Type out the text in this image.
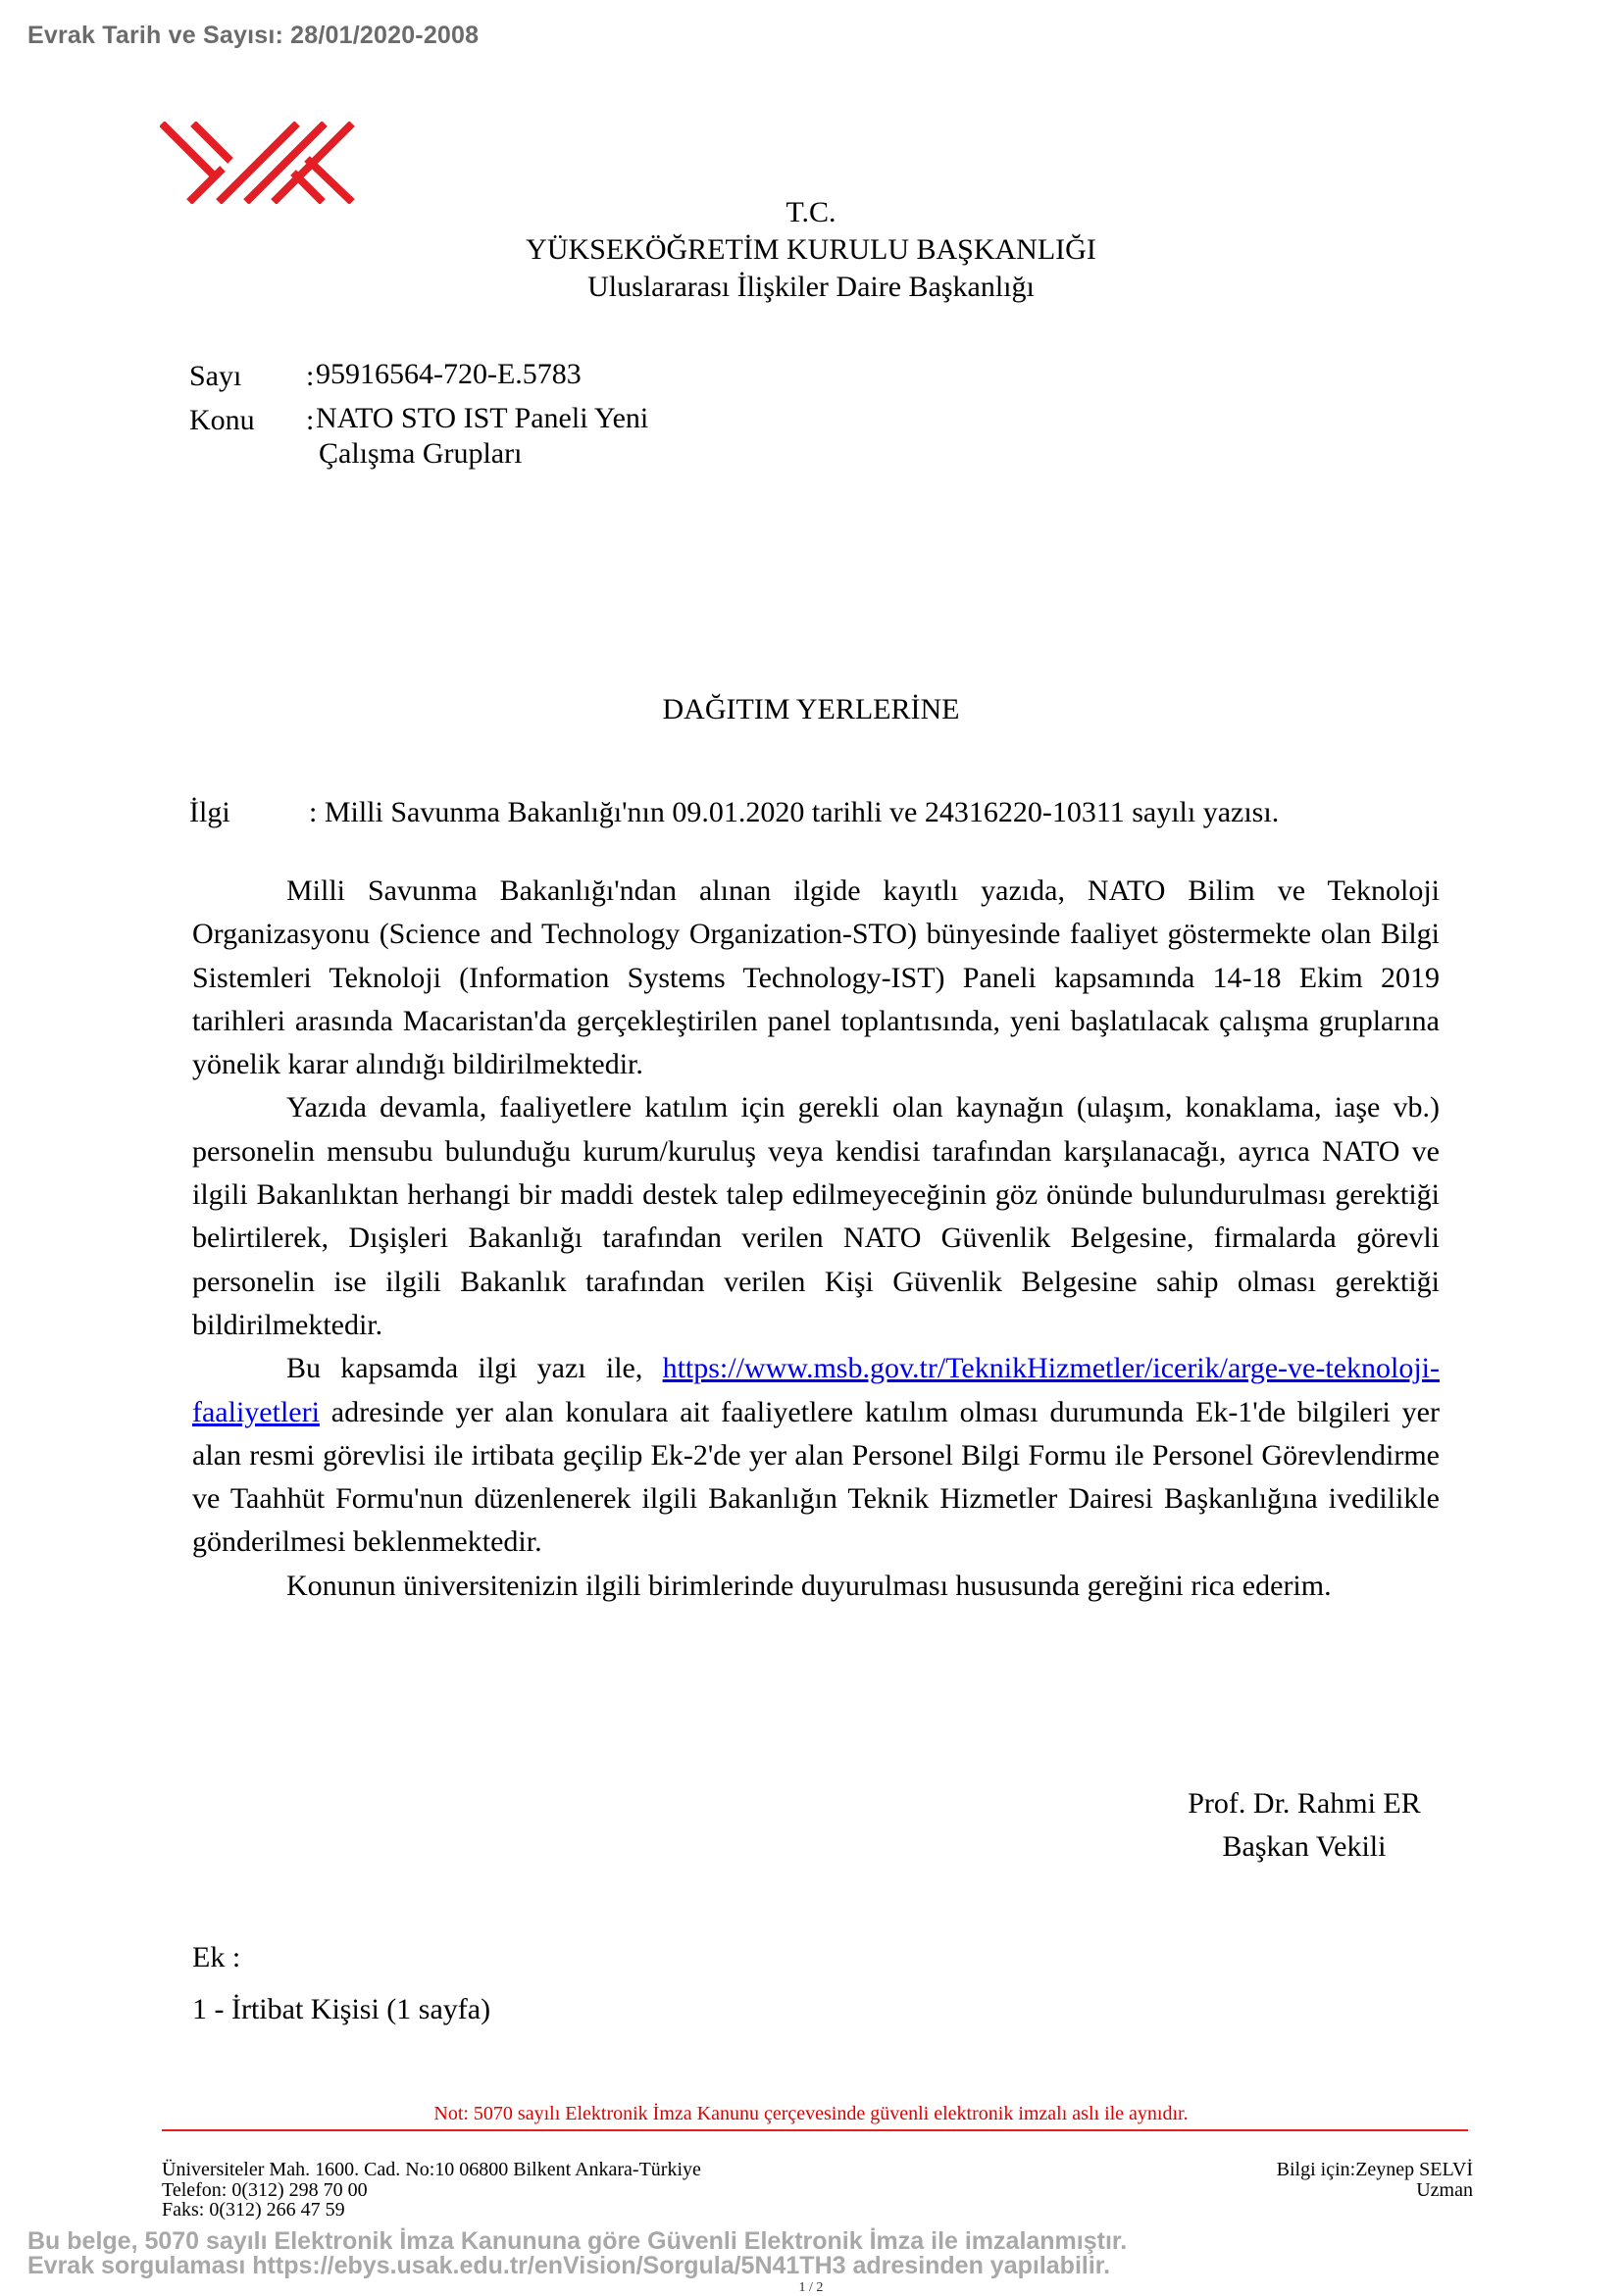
Evrak Tarih ve Sayısı: 28/01/2020-2008
T.C.
YÜKSEKÖĞRETİM KURULU BAŞKANLIĞI
Uluslararası İlişkiler Daire Başkanlığı
Sayı : 95916564-720-E.5783
Konu : NATO STO IST Paneli Yeni
Çalışma Grupları
DAĞITIM YERLERİNE
İlgi	: Milli Savunma Bakanlığı'nın 09.01.2020 tarihli ve 24316220-10311 sayılı yazısı.

Milli Savunma Bakanlığı'ndan alınan ilgide kayıtlı yazıda, NATO Bilim ve Teknoloji Organizasyonu (Science and Technology Organization-STO) bünyesinde faaliyet göstermekte olan Bilgi Sistemleri Teknoloji (Information Systems Technology-IST) Paneli kapsamında 14-18 Ekim 2019 tarihleri arasında Macaristan'da gerçekleştirilen panel toplantısında, yeni başlatılacak çalışma gruplarına yönelik karar alındığı bildirilmektedir.

Yazıda devamla, faaliyetlere katılım için gerekli olan kaynağın (ulaşım, konaklama, iaşe vb.) personelin mensubu bulunduğu kurum/kuruluş veya kendisi tarafından karşılanacağı, ayrıca NATO ve ilgili Bakanlıktan herhangi bir maddi destek talep edilmeyeceğinin göz önünde bulundurulması gerektiği belirtilerek, Dışişleri Bakanlığı tarafından verilen NATO Güvenlik Belgesine, firmalarda görevli personelin ise ilgili Bakanlık tarafından verilen Kişi Güvenlik Belgesine sahip olması gerektiği bildirilmektedir.

Bu kapsamda ilgi yazı ile, https://www.msb.gov.tr/TeknikHizmetler/icerik/arge-ve-teknoloji-faaliyetleri adresinde yer alan konulara ait faaliyetlere katılım olması durumunda Ek-1'de bilgileri yer alan resmi görevlisi ile irtibata geçilip Ek-2'de yer alan Personel Bilgi Formu ile Personel Görevlendirme ve Taahhüt Formu'nun düzenlenerek ilgili Bakanlığın Teknik Hizmetler Dairesi Başkanlığına ivedilikle gönderilmesi beklenmektedir.

Konunun üniversitenizin ilgili birimlerinde duyurulması hususunda gereğini rica ederim.

Prof. Dr. Rahmi ER
Başkan Vekili
Ek :
1 - İrtibat Kişisi (1 sayfa)
Not: 5070 sayılı Elektronik İmza Kanunu çerçevesinde güvenli elektronik imzalı aslı ile aynıdır.
Üniversiteler Mah. 1600. Cad. No:10 06800 Bilkent Ankara-Türkiye
Telefon: 0(312) 298 70 00
Faks: 0(312) 266 47 59
Bilgi için:Zeynep SELVİ
Uzman
Bu belge, 5070 sayılı Elektronik İmza Kanununa göre Güvenli Elektronik İmza ile imzalanmıştır.
Evrak sorgulaması https://ebys.usak.edu.tr/enVision/Sorgula/5N41TH3 adresinden yapılabilir.
1 / 2
